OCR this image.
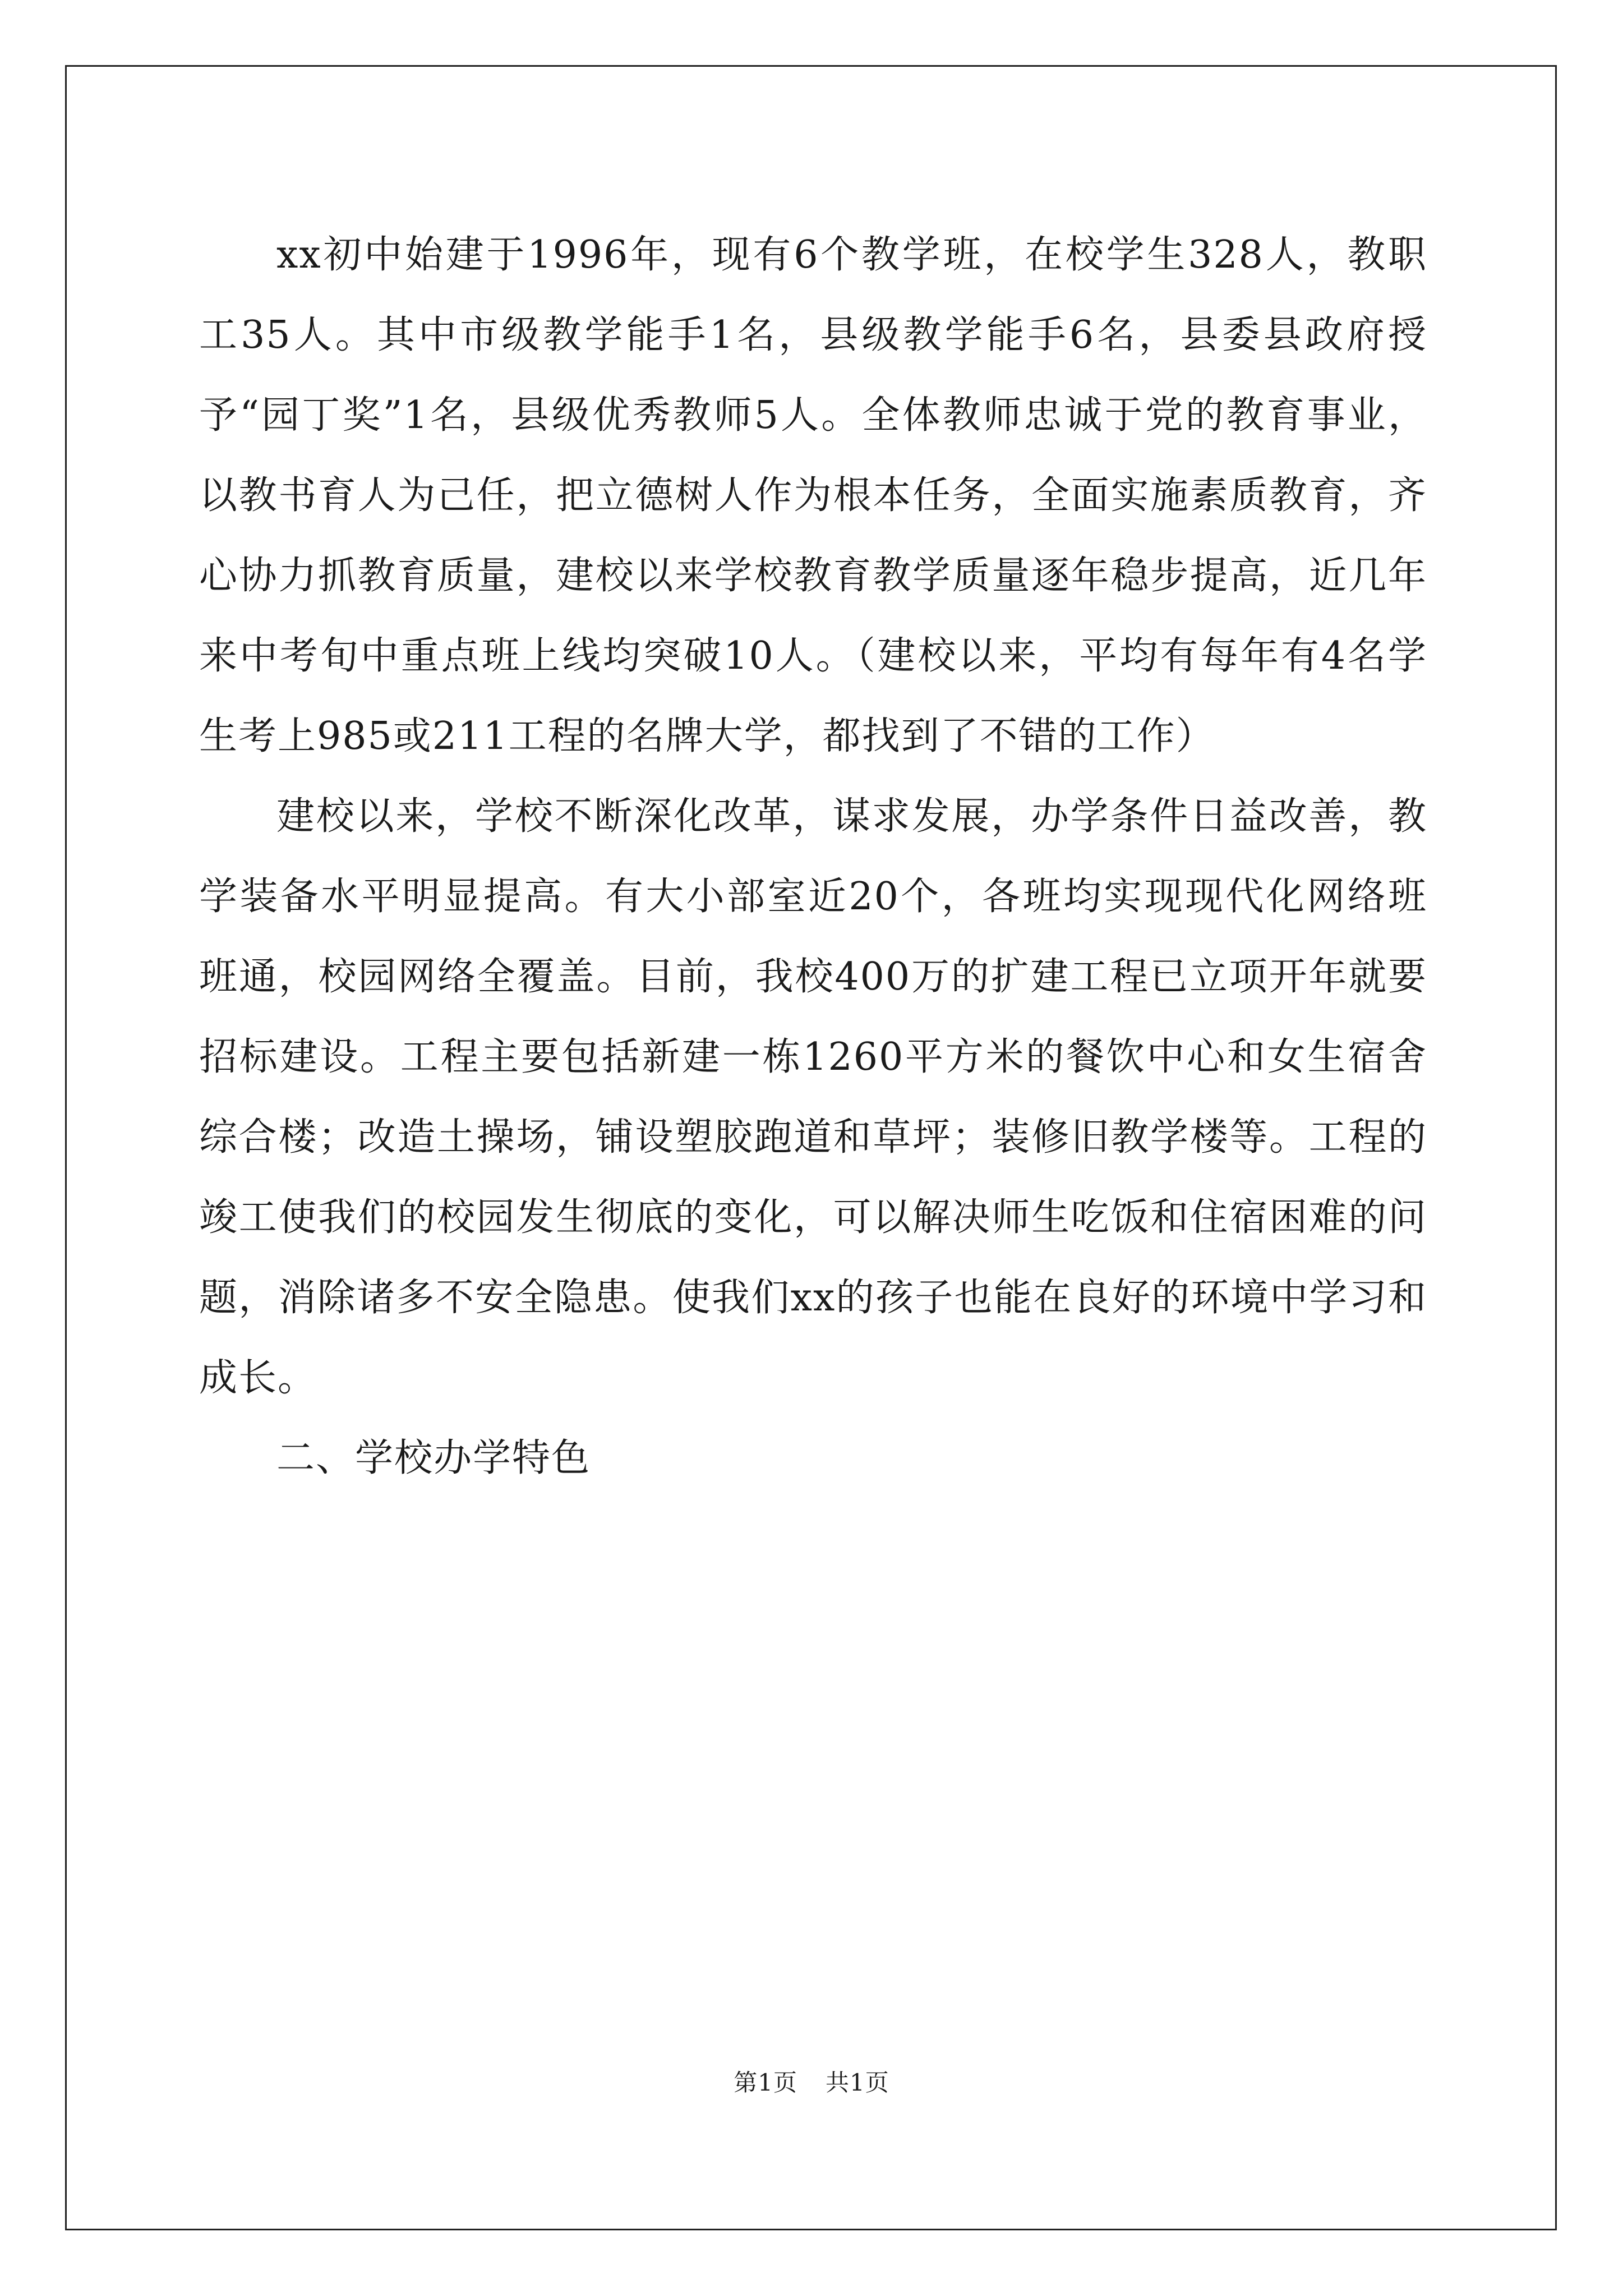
xx初中始建于1996年，现有6个教学班，在校学生328人，教职工35人。其中市级教学能手1名，县级教学能手6名，县委县政府授予“园丁奖”1名，县级优秀教师5人。全体教师忠诚于党的教育事业，以教书育人为己任，把立德树人作为根本任务，全面实施素质教育，齐心协力抓教育质量，建校以来学校教育教学质量逐年稳步提高，近几年来中考旬中重点班上线均突破10人。（建校以来，平均有每年有4名学生考上985或211工程的名牌大学，都找到了不错的工作）

建校以来，学校不断深化改革，谋求发展，办学条件日益改善，教学装备水平明显提高。有大小部室近20个，各班均实现现代化网络班班通，校园网络全覆盖。目前，我校400万的扩建工程已立项开年就要招标建设。工程主要包括新建一栋1260平方米的餐饮中心和女生宿舍综合楼；改造土操场，铺设塑胶跑道和草坪；装修旧教学楼等。工程的竣工使我们的校园发生彻底的变化，可以解决师生吃饭和住宿困难的问题，消除诸多不安全隐患。使我们xx的孩子也能在良好的环境中学习和成长。

二、学校办学特色

第1页 共1页
